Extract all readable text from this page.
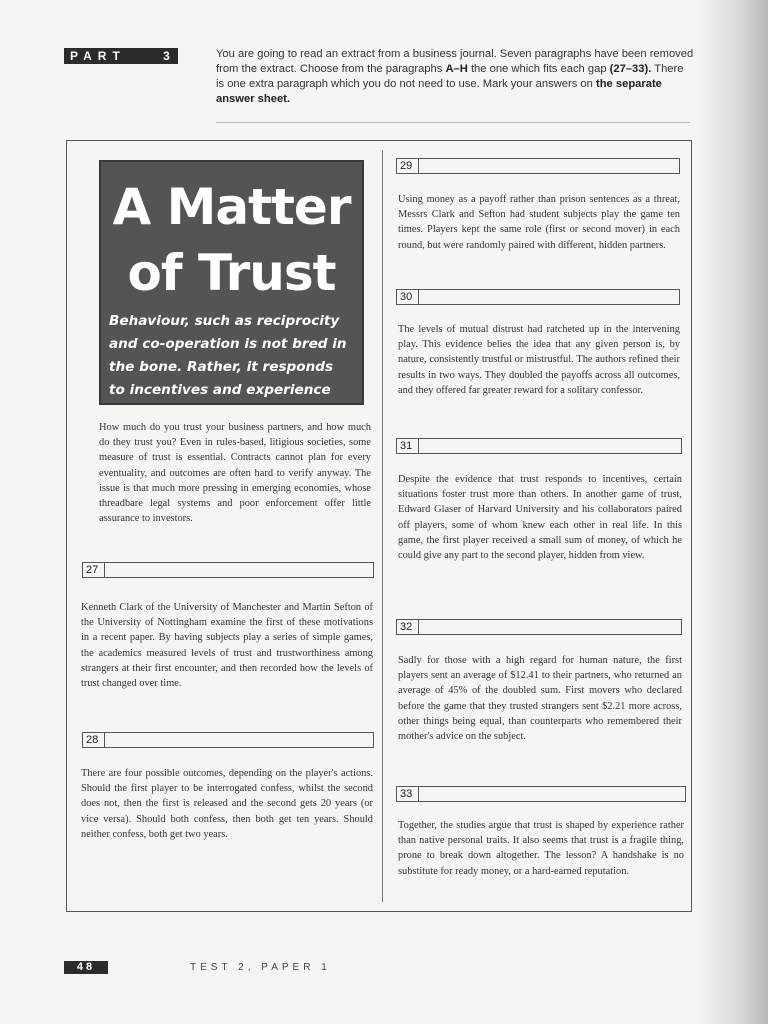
PART    3	You are going to read an extract from a business journal. Seven paragraphs have been removed from the extract. Choose from the paragraphs A–H the one which fits each gap (27–33). There is one extra paragraph which you do not need to use. Mark your answers on the separate answer sheet.
A Matter
of Trust
Behaviour, such as reciprocity and co-operation is not bred in the bone. Rather, it responds to incentives and experience
How much do you trust your business partners, and how much do they trust you? Even in rules-based, litigious societies, some measure of trust is essential. Contracts cannot plan for every eventuality, and outcomes are often hard to verify anyway. The issue is that much more pressing in emerging economies, whose threadbare legal systems and poor enforcement offer little assurance to investors.
27
Kenneth Clark of the University of Manchester and Martin Sefton of the University of Nottingham examine the first of these motivations in a recent paper. By having subjects play a series of simple games, the academics measured levels of trust and trustworthiness among strangers at their first encounter, and then recorded how the levels of trust changed over time.
28
There are four possible outcomes, depending on the player's actions. Should the first player to be interrogated confess, whilst the second does not, then the first is released and the second gets 20 years (or vice versa). Should both confess, then both get ten years. Should neither confess, both get two years.
29
Using money as a payoff rather than prison sentences as a threat, Messrs Clark and Sefton had student subjects play the game ten times. Players kept the same role (first or second mover) in each round, but were randomly paired with different, hidden partners.
30
The levels of mutual distrust had ratcheted up in the intervening play. This evidence belies the idea that any given person is, by nature, consistently trustful or mistrustful. The authors refined their results in two ways. They doubled the payoffs across all outcomes, and they offered far greater reward for a solitary confessor.
31
Despite the evidence that trust responds to incentives, certain situations foster trust more than others. In another game of trust, Edward Glaser of Harvard University and his collaborators paired off players, some of whom knew each other in real life. In this game, the first player received a small sum of money, of which he could give any part to the second player, hidden from view.
32
Sadly for those with a high regard for human nature, the first players sent an average of $12.41 to their partners, who returned an average of 45% of the doubled sum. First movers who declared before the game that they trusted strangers sent $2.21 more across, other things being equal, than counterparts who remembered their mother's advice on the subject.
33
Together, the studies argue that trust is shaped by experience rather than native personal traits. It also seems that trust is a fragile thing, prone to break down altogether. The lesson? A handshake is no substitute for ready money, or a hard-earned reputation.
48	TEST 2, PAPER 1
